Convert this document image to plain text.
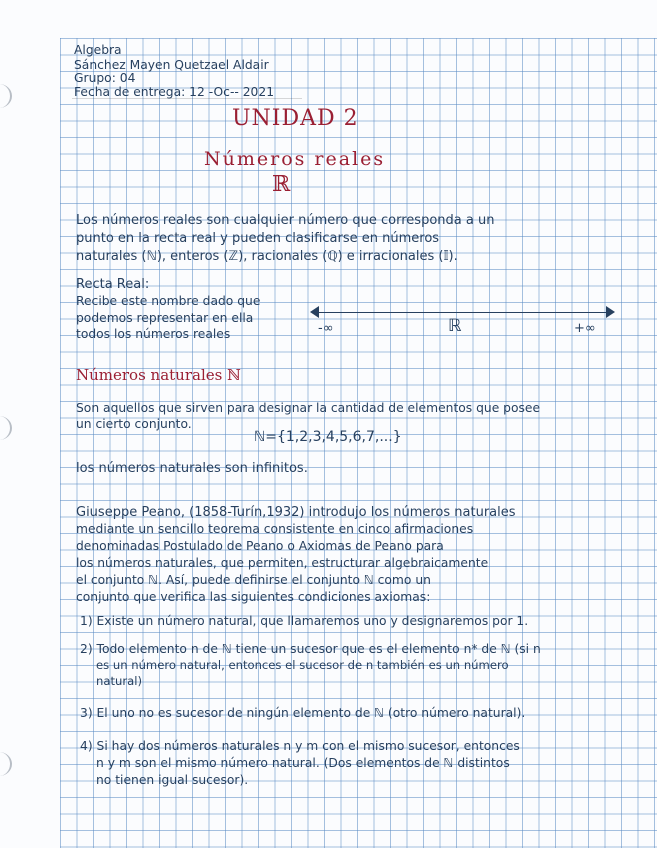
Algebra
Sánchez Mayen Quetzael Aldair
Grupo: 04
Fecha de entrega: 12 -Oc-- 2021
UNIDAD 2
Números reales
ℝ
Los números reales son cualquier número que corresponda a un
punto en la recta real y pueden clasificarse en números
naturales (ℕ), enteros (ℤ), racionales (ℚ) e irracionales (𝕀).
Recta Real:
Recibe este nombre dado que
podemos representar en ella
todos los números reales	-∞	ℝ	+∞
Números naturales ℕ
Son aquellos que sirven para designar la cantidad de elementos que posee
un cierto conjunto.
ℕ={1,2,3,4,5,6,7,...}
los números naturales son infinitos.
Giuseppe Peano, (1858-Turín,1932) introdujo los números naturales
mediante un sencillo teorema consistente en cinco afirmaciones
denominadas Postulado de Peano o Axiomas de Peano para
los números naturales, que permiten, estructurar algebraicamente
el conjunto ℕ. Así, puede definirse el conjunto ℕ como un
conjunto que verifica las siguientes condiciones axiomas:
1) Existe un número natural, que llamaremos uno y designaremos por 1.
2) Todo elemento n de ℕ tiene un sucesor que es el elemento n* de ℕ (si n
es un número natural, entonces el sucesor de n también es un número
natural)
3) El uno no es sucesor de ningún elemento de ℕ (otro número natural).
4) Si hay dos números naturales n y m con el mismo sucesor, entonces
n y m son el mismo número natural. (Dos elementos de ℕ distintos
no tienen igual sucesor).
